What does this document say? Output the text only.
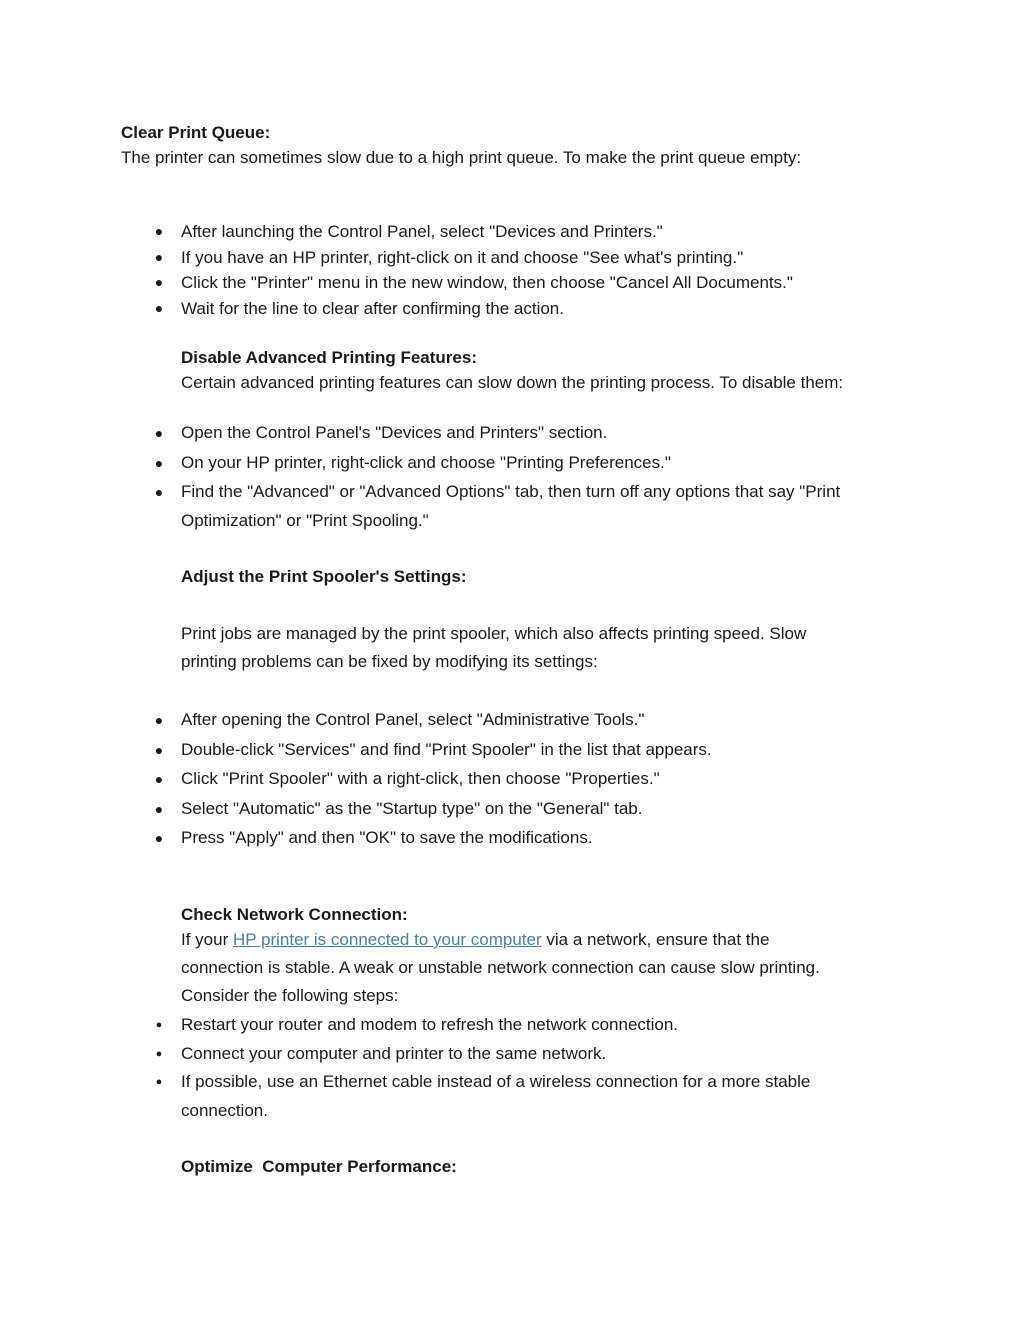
Clear Print Queue:
The printer can sometimes slow due to a high print queue. To make the print queue empty:
● After launching the Control Panel, select "Devices and Printers."
● If you have an HP printer, right-click on it and choose "See what's printing."
● Click the "Printer" menu in the new window, then choose "Cancel All Documents."
● Wait for the line to clear after confirming the action.
Disable Advanced Printing Features:
Certain advanced printing features can slow down the printing process. To disable them:
● Open the Control Panel's "Devices and Printers" section.
● On your HP printer, right-click and choose "Printing Preferences."
● Find the "Advanced" or "Advanced Options" tab, then turn off any options that say "Print Optimization" or "Print Spooling."
Adjust the Print Spooler's Settings:
Print jobs are managed by the print spooler, which also affects printing speed. Slow
printing problems can be fixed by modifying its settings:
● After opening the Control Panel, select "Administrative Tools."
● Double-click "Services" and find "Print Spooler" in the list that appears.
● Click "Print Spooler" with a right-click, then choose "Properties."
● Select "Automatic" as the "Startup type" on the "General" tab.
● Press "Apply" and then "OK" to save the modifications.
Check Network Connection:
If your HP printer is connected to your computer via a network, ensure that the
connection is stable. A weak or unstable network connection can cause slow printing.
Consider the following steps:
● Restart your router and modem to refresh the network connection.
● Connect your computer and printer to the same network.
● If possible, use an Ethernet cable instead of a wireless connection for a more stable connection.
Optimize  Computer Performance:
